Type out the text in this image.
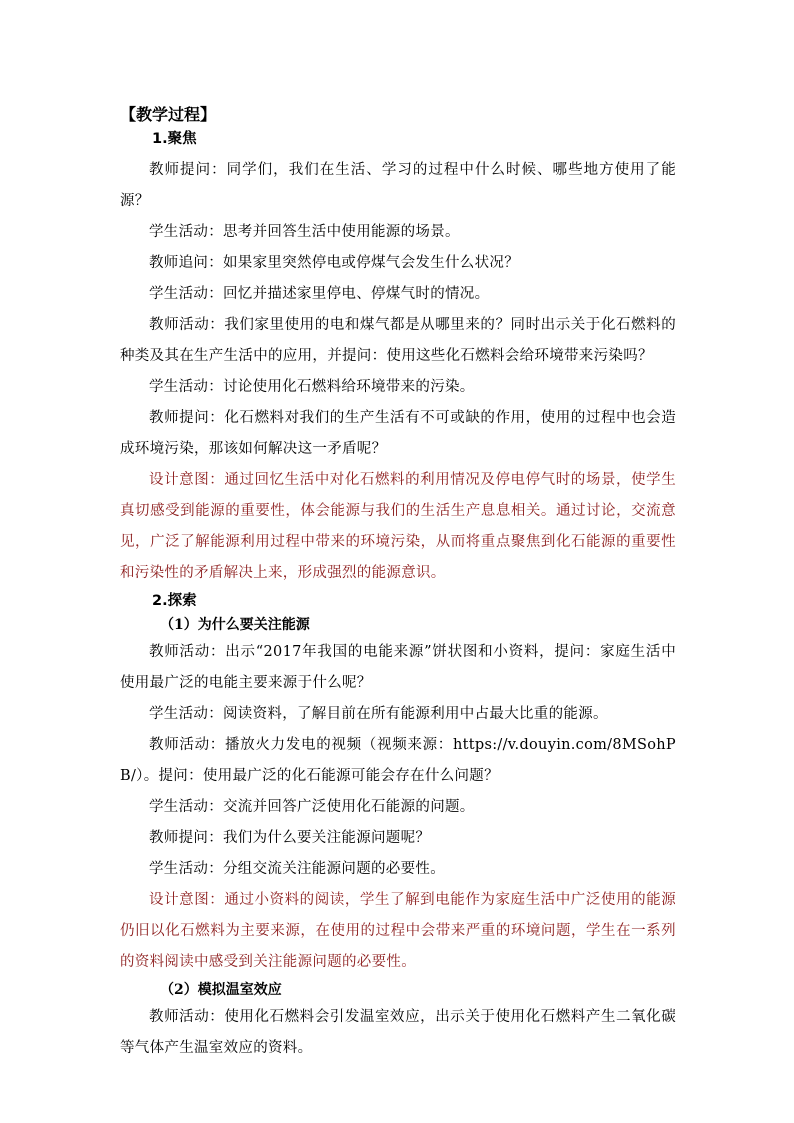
【教学过程】
1.聚焦

教师提问：同学们，我们在生活、学习的过程中什么时候、哪些地方使用了能源？

学生活动：思考并回答生活中使用能源的场景。

教师追问：如果家里突然停电或停煤气会发生什么状况？

学生活动：回忆并描述家里停电、停煤气时的情况。

教师活动：我们家里使用的电和煤气都是从哪里来的？同时出示关于化石燃料的种类及其在生产生活中的应用，并提问：使用这些化石燃料会给环境带来污染吗？

学生活动：讨论使用化石燃料给环境带来的污染。

教师提问：化石燃料对我们的生产生活有不可或缺的作用，使用的过程中也会造成环境污染，那该如何解决这一矛盾呢？

设计意图：通过回忆生活中对化石燃料的利用情况及停电停气时的场景，使学生真切感受到能源的重要性，体会能源与我们的生活生产息息相关。通过讨论，交流意见，广泛了解能源利用过程中带来的环境污染，从而将重点聚焦到化石能源的重要性和污染性的矛盾解决上来，形成强烈的能源意识。

2.探索
（1）为什么要关注能源

教师活动：出示“2017年我国的电能来源”饼状图和小资料，提问：家庭生活中使用最广泛的电能主要来源于什么呢？

学生活动：阅读资料，了解目前在所有能源利用中占最大比重的能源。

教师活动：播放火力发电的视频（视频来源：https://v.douyin.com/8MSohPB/）。提问：使用最广泛的化石能源可能会存在什么问题？

学生活动：交流并回答广泛使用化石能源的问题。

教师提问：我们为什么要关注能源问题呢？

学生活动：分组交流关注能源问题的必要性。

设计意图：通过小资料的阅读，学生了解到电能作为家庭生活中广泛使用的能源仍旧以化石燃料为主要来源，在使用的过程中会带来严重的环境问题，学生在一系列的资料阅读中感受到关注能源问题的必要性。

（2）模拟温室效应

教师活动：使用化石燃料会引发温室效应，出示关于使用化石燃料产生二氧化碳等气体产生温室效应的资料。
